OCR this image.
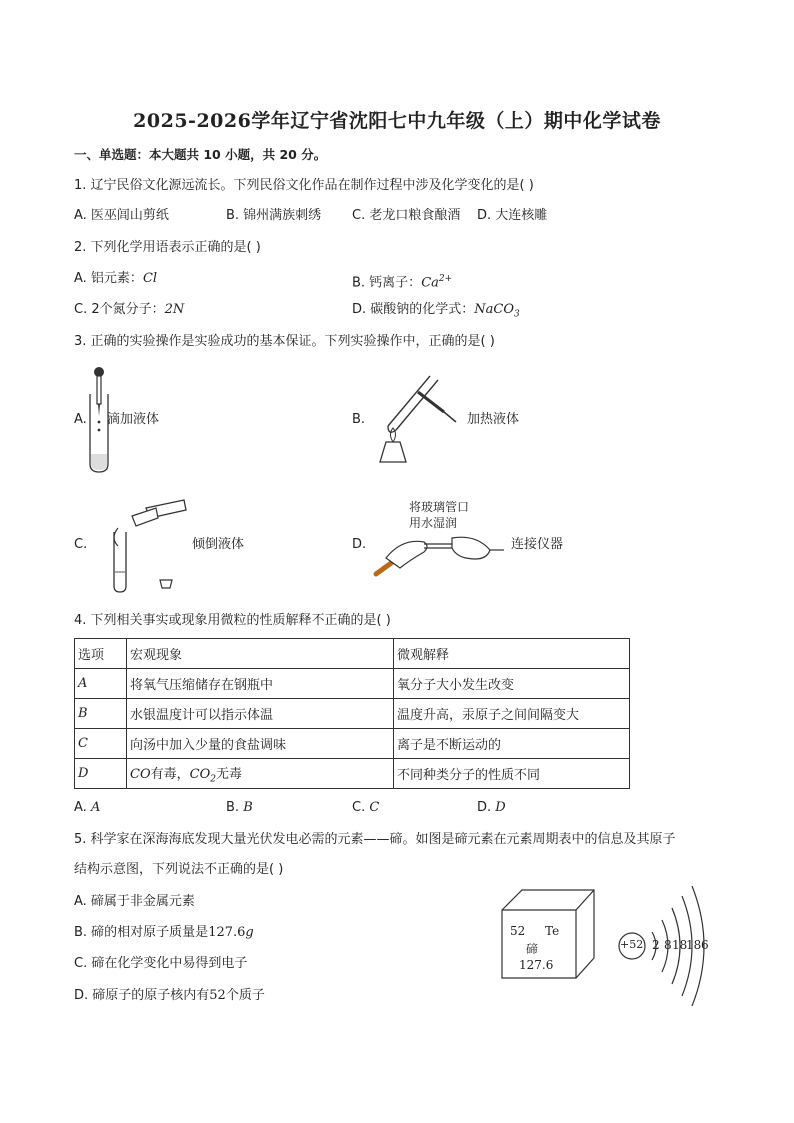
2025-2026学年辽宁省沈阳七中九年级（上）期中化学试卷
一、单选题：本大题共 10 小题，共 20 分。
1. 辽宁民俗文化源远流长。下列民俗文化作品在制作过程中涉及化学变化的是( )
A. 医巫闾山剪纸	B. 锦州满族刺绣 C. 老龙口粮食酿酒 D. 大连核雕
2. 下列化学用语表示正确的是( )
A. 铝元素：Cl	B. 钙离子：$Ca^{2+}$
C. 2个氮分子：2N	D. 碳酸钠的化学式：NaCO$_3$
3. 正确的实验操作是实验成功的基本保证。下列实验操作中，正确的是( )
A. 滴加液体	B.	加热液体
C.	倾倒液体	D.
将玻璃管口
用水湿润
连接仪器
4. 下列相关事实或现象用微粒的性质解释不正确的是( )
选项	宏观现象	微观解释
A	将氧气压缩储存在钢瓶中	氧分子大小发生改变
B	水银温度计可以指示体温	温度升高，汞原子之间间隔变大
C	向汤中加入少量的食盐调味	离子是不断运动的
D	CO有毒，$CO_2$无毒	不同种类分子的性质不同
A. A	B. B	C. C	D. D
5. 科学家在深海海底发现大量光伏发电必需的元素——碲。如图是碲元素在元素周期表中的信息及其原子
结构示意图，下列说法不正确的是( )
A. 碲属于非金属元素
B. 碲的相对原子质量是127.6g
C. 碲在化学变化中易得到电子
D. 碲原子的原子核内有52个质子
52 Te
碲
127.6
+52 2 8 18
18 6
